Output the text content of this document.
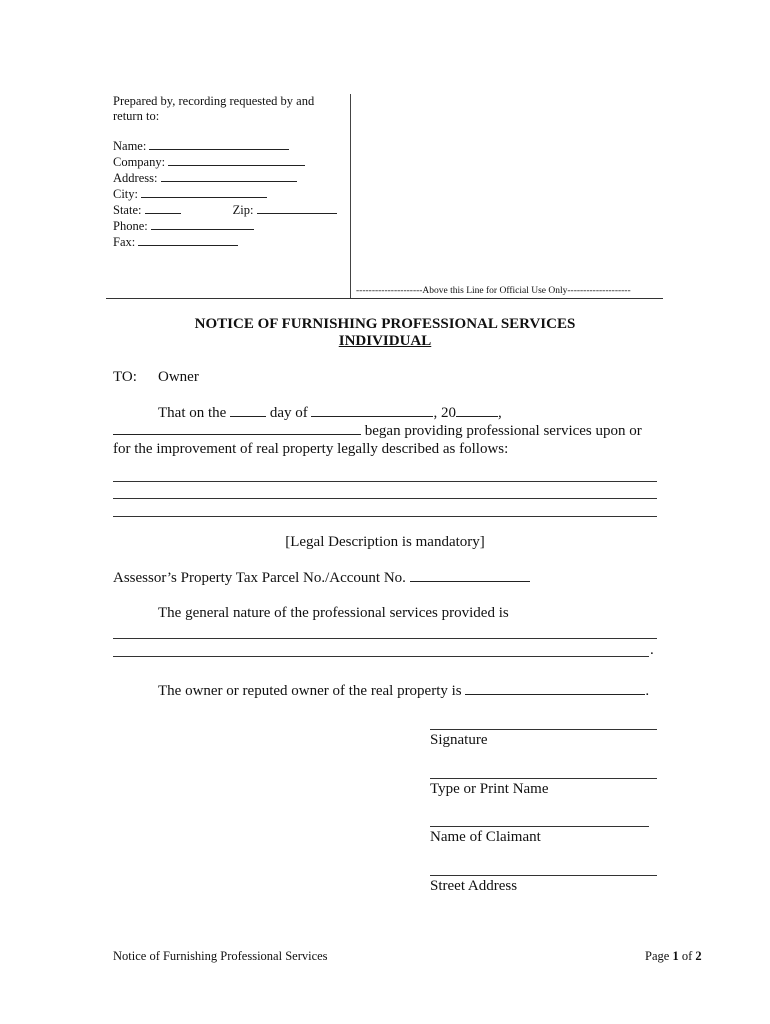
Prepared by, recording requested by and
return to:
Name:
Company:
Address:
City:
State:	Zip:
Phone:
Fax:
---------------------Above this Line for Official Use Only--------------------
NOTICE OF FURNISHING PROFESSIONAL SERVICES
INDIVIDUAL
TO: Owner
That on the	day of	, 20	,
began providing professional services upon or
for the improvement of real property legally described as follows:
[Legal Description is mandatory]
Assessor’s Property Tax Parcel No./Account No.
The general nature of the professional services provided is
.
The owner or reputed owner of the real property is	.
Signature
Type or Print Name
Name of Claimant
Street Address
Notice of Furnishing Professional Services	Page 1 of 2
